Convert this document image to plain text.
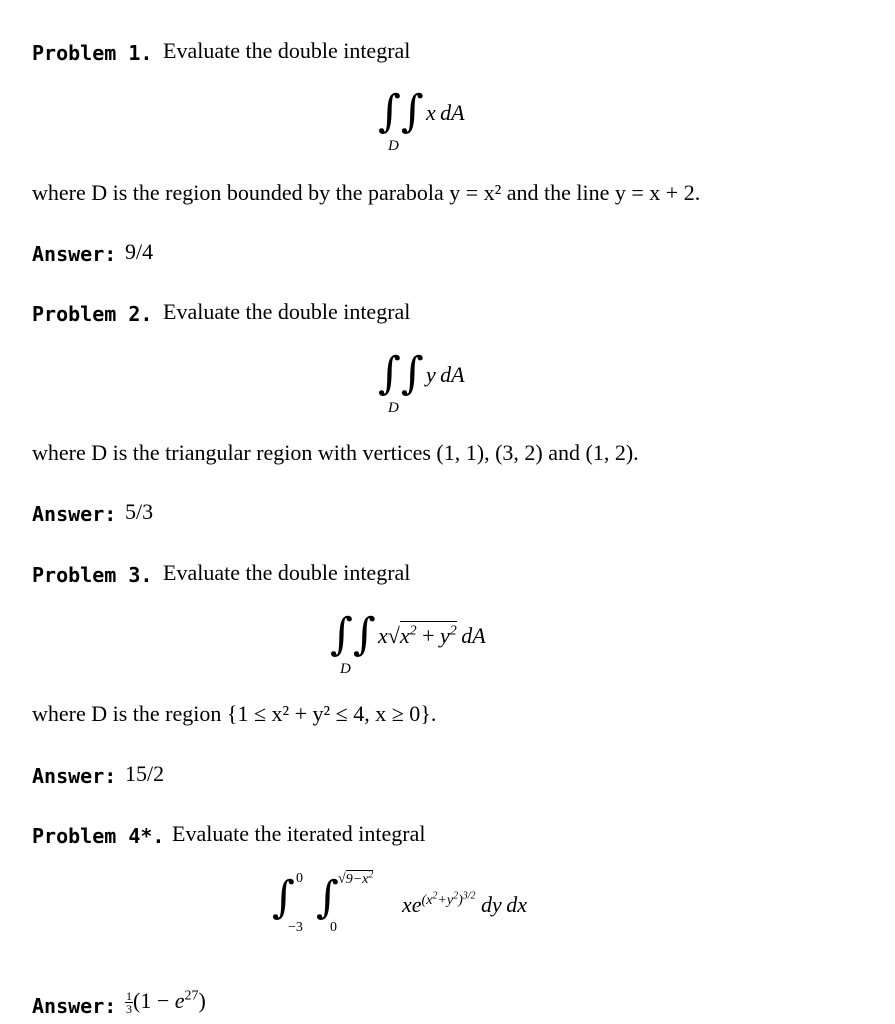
Problem 1. Evaluate the double integral
∫∫
D
x dA
where D is the region bounded by the parabola y = x² and the line y = x + 2.
Answer: 9/4
Problem 2. Evaluate the double integral
∫∫
D
y dA
where D is the triangular region with vertices (1, 1), (3, 2) and (1, 2).
Answer: 5/3
Problem 3. Evaluate the double integral
∫∫
D
$x√x^2 + y^2$ dA
where D is the region {1 ≤ x² + y² ≤ 4, x ≥ 0}.
Answer: 15/2
Problem 4*. Evaluate the iterated integral
∫ 0
−3
∫ $√9-x^2$
0
$xe^{(x^2+y^2)^{3/2}}$ dy dx
Answer: $\frac{1}{3} (1 - e^{27})$
